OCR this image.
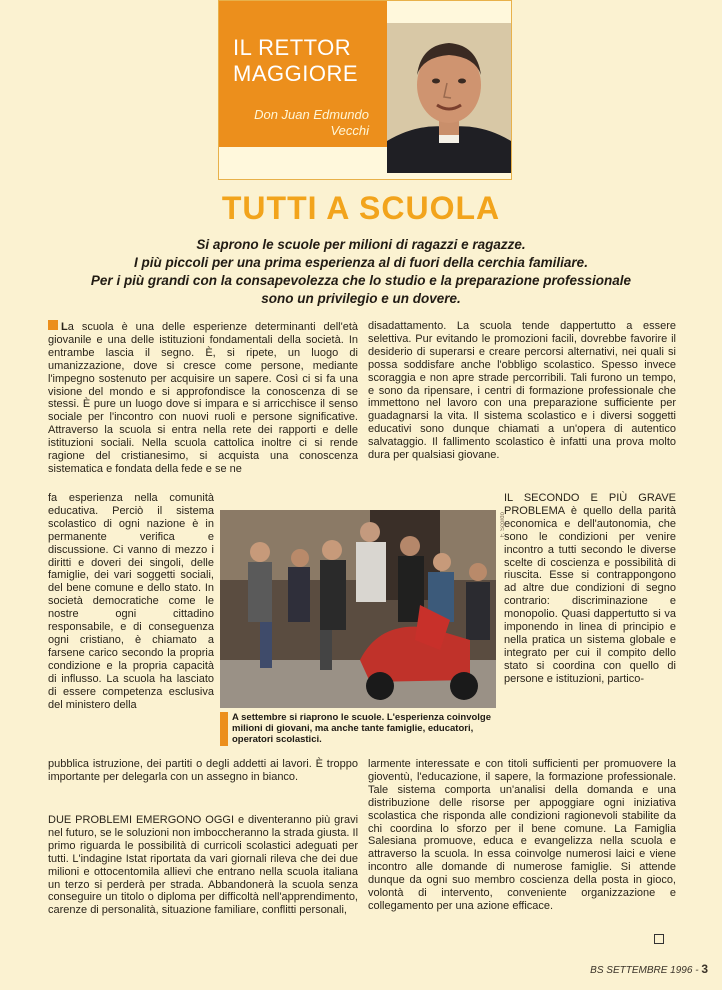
IL RETTOR MAGGIORE
Don Juan Edmundo
Vecchi
TUTTI A SCUOLA

Si aprono le scuole per milioni di ragazzi e ragazze.

I più piccoli per una prima esperienza al di fuori della cerchia familiare.

Per i più grandi con la consapevolezza che lo studio e la preparazione professionale

sono un privilegio e un dovere.

La scuola è una delle esperienze determinanti dell'età giovanile e una delle istituzioni fondamentali della società. In entrambe lascia il segno. È, si ripete, un luogo di umanizzazione, dove si cresce come persone, mediante l'impegno sostenuto per acquisire un sapere. Così ci si fa una visione del mondo e si approfondisce la conoscenza di se stessi. È pure un luogo dove si impara e si arricchisce il senso sociale per l'incontro con nuovi ruoli e persone significative. Attraverso la scuola si entra nella rete dei rapporti e delle istituzioni sociali. Nella scuola cattolica inoltre ci si rende ragione del cristianesimo, si acquista una conoscenza sistematica e fondata della fede e se ne

fa esperienza nella comunità educativa. Perciò il sistema scolastico di ogni nazione è in permanente verifica e discussione. Ci vanno di mezzo i diritti e doveri dei singoli, delle famiglie, dei vari soggetti sociali, del bene comune e dello stato. In società democratiche come le nostre ogni cittadino responsabile, e di conseguenza ogni cristiano, è chiamato a farsene carico secondo la propria condizione e la propria capacità di influsso. La scuola ha lasciato di essere competenza esclusiva del ministero della

pubblica istruzione, dei partiti o degli addetti ai lavori. È troppo importante per delegarla con un assegno in bianco.

DUE PROBLEMI EMERGONO OGGI e diventeranno più gravi nel futuro, se le soluzioni non imboccheranno la strada giusta. Il primo riguarda le possibilità di curricoli scolastici adeguati per tutti. L'indagine Istat riportata da vari giornali rileva che dei due milioni e ottocentomila allievi che entrano nella scuola italiana un terzo si perderà per strada. Abbandonerà la scuola senza conseguire un titolo o diploma per difficoltà nell'apprendimento, carenze di personalità, situazione familiare, conflitti personali,

disadattamento. La scuola tende dappertutto a essere selettiva. Pur evitando le promozioni facili, dovrebbe favorire il desiderio di superarsi e creare percorsi alternativi, nei quali si possa soddisfare anche l'obbligo scolastico. Spesso invece scoraggia e non apre strade percorribili. Tali furono un tempo, e sono da ripensare, i centri di formazione professionale che immettono nel lavoro con una preparazione sufficiente per guadagnarsi la vita. Il sistema scolastico e i diversi soggetti educativi sono dunque chiamati a un'opera di autentico salvataggio. Il fallimento scolastico è infatti una prova molto dura per qualsiasi giovane.

IL SECONDO E PIÙ GRAVE PROBLEMA è quello della parità economica e dell'autonomia, che sono le condizioni per venire incontro a tutti secondo le diverse scelte di coscienza e possibilità di riuscita. Esse si contrappongono ad altre due condizioni di segno contrario: discriminazione e monopolio. Quasi dappertutto si va imponendo in linea di principio e nella pratica un sistema globale e integrato per cui il compito dello stato si coordina con quello di persone e istituzioni, partico-

larmente interessate e con titoli sufficienti per promuovere la gioventù, l'educazione, il sapere, la formazione professionale. Tale sistema comporta un'analisi della domanda e una distribuzione delle risorse per appoggiare ogni iniziativa scolastica che risponda alle condizioni ragionevoli stabilite da chi coordina lo sforzo per il bene comune. La Famiglia Salesiana promuove, educa e evangelizza nella scuola e attraverso la scuola. In essa coinvolge numerosi laici e viene incontro alle domande di numerose famiglie. Si attende dunque da ogni suo membro coscienza della posta in gioco, volontà di intervento, conveniente organizzazione e collegamento per una azione efficace.

F. Scordo
A settembre si riaprono le scuole. L'esperienza coinvolge milioni di giovani, ma anche tante famiglie, educatori, operatori scolastici.
BS SETTEMBRE 1996 - 3
